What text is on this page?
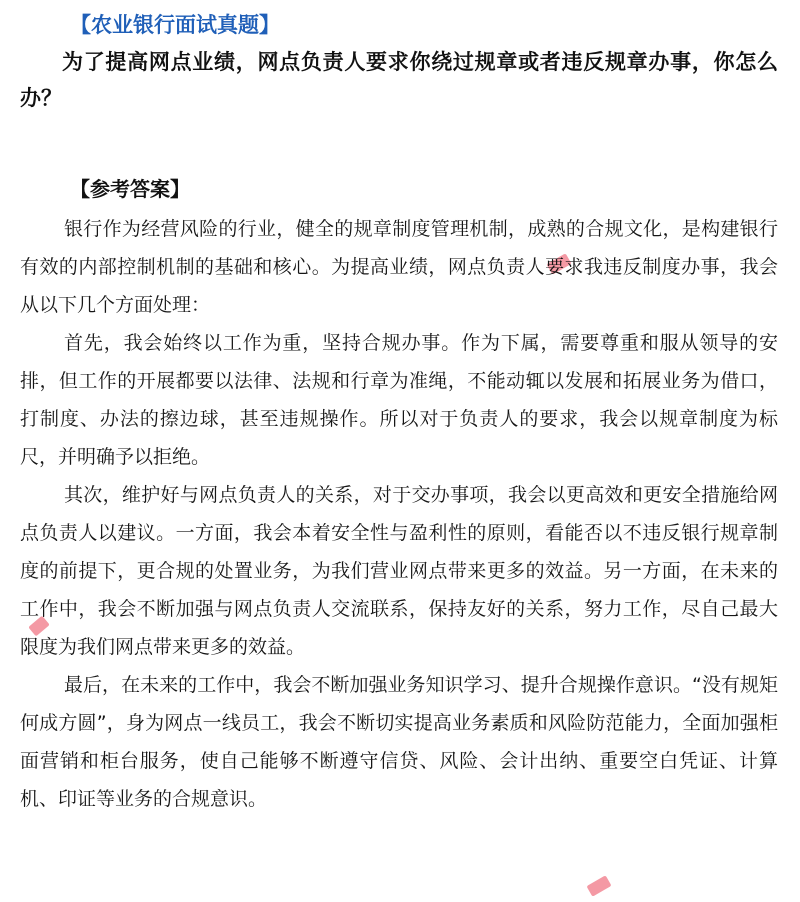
【农业银行面试真题】

为了提高网点业绩，网点负责人要求你绕过规章或者违反规章办事，你怎么办？

【参考答案】

银行作为经营风险的行业，健全的规章制度管理机制，成熟的合规文化，是构建银行有效的内部控制机制的基础和核心。为提高业绩，网点负责人要求我违反制度办事，我会从以下几个方面处理：

首先，我会始终以工作为重，坚持合规办事。作为下属，需要尊重和服从领导的安排，但工作的开展都要以法律、法规和行章为准绳，不能动辄以发展和拓展业务为借口，打制度、办法的擦边球，甚至违规操作。所以对于负责人的要求，我会以规章制度为标尺，并明确予以拒绝。

其次，维护好与网点负责人的关系，对于交办事项，我会以更高效和更安全措施给网点负责人以建议。一方面，我会本着安全性与盈利性的原则，看能否以不违反银行规章制度的前提下，更合规的处置业务，为我们营业网点带来更多的效益。另一方面，在未来的工作中，我会不断加强与网点负责人交流联系，保持友好的关系，努力工作，尽自己最大限度为我们网点带来更多的效益。

最后，在未来的工作中，我会不断加强业务知识学习、提升合规操作意识。“没有规矩何成方圆”，身为网点一线员工，我会不断切实提高业务素质和风险防范能力，全面加强柜面营销和柜台服务，使自己能够不断遵守信贷、风险、会计出纳、重要空白凭证、计算机、印证等业务的合规意识。
